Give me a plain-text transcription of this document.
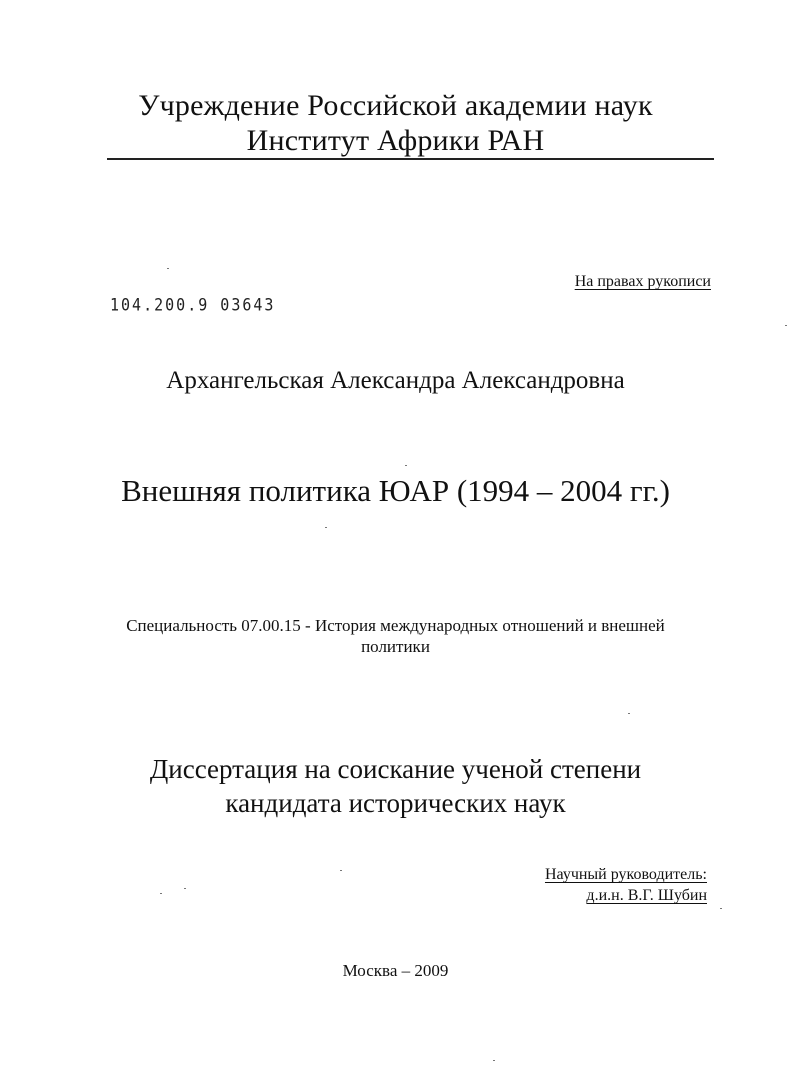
Учреждение Российской академии наук
Институт Африки РАН
На правах рукописи
104.200.9 03643
Архангельская Александра Александровна
Внешняя политика ЮАР (1994 – 2004 гг.)
Специальность 07.00.15 - История международных отношений и внешней
политики
Диссертация на соискание ученой степени
кандидата исторических наук
Научный руководитель:
д.и.н. В.Г. Шубин
Москва – 2009
